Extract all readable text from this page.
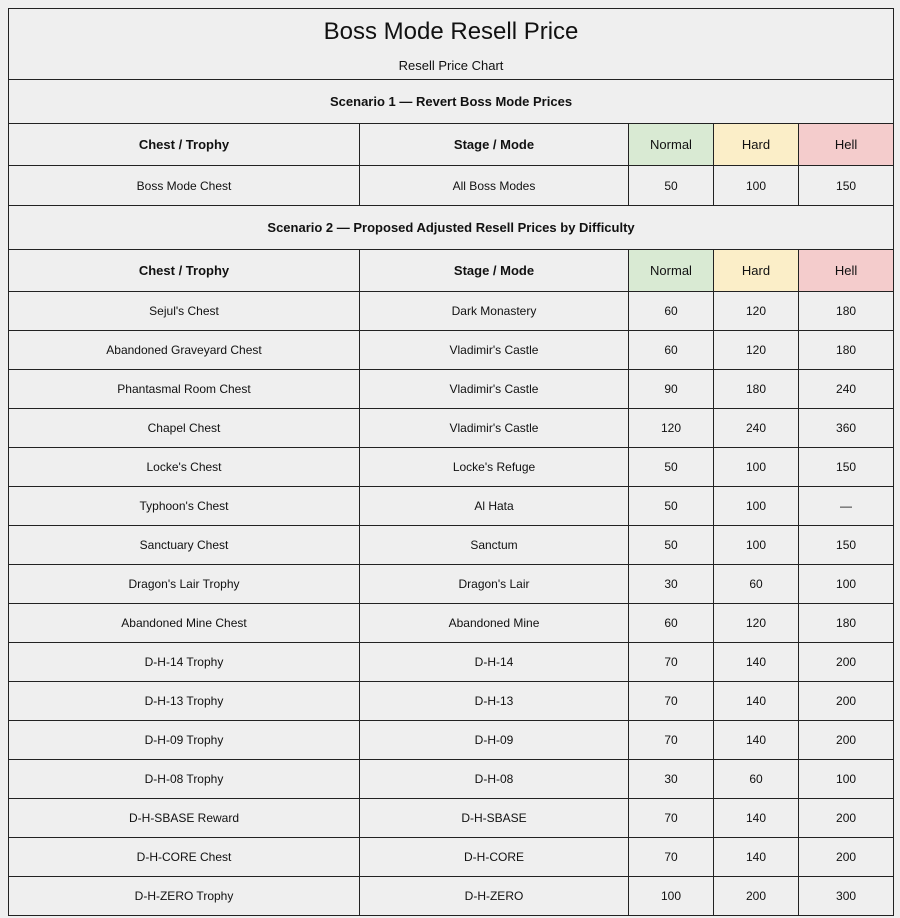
Boss Mode Resell Price
Resell Price Chart				

Scenario 1 — Revert Boss Mode Prices				
Chest / Trophy	Stage / Mode	Normal	Hard	Hell
Boss Mode Chest	All Boss Modes	50	100	150
Scenario 2 — Proposed Adjusted Resell Prices by Difficulty				
Chest / Trophy	Stage / Mode	Normal	Hard	Hell
Sejul's Chest	Dark Monastery	60	120	180
Abandoned Graveyard Chest	Vladimir's Castle	60	120	180
Phantasmal Room Chest	Vladimir's Castle	90	180	240
Chapel Chest	Vladimir's Castle	120	240	360
Locke's Chest	Locke's Refuge	50	100	150
Typhoon's Chest	Al Hata	50	100	—
Sanctuary Chest	Sanctum	50	100	150
Dragon's Lair Trophy	Dragon's Lair	30	60	100
Abandoned Mine Chest	Abandoned Mine	60	120	180
D-H-14 Trophy	D-H-14	70	140	200
D-H-13 Trophy	D-H-13	70	140	200
D-H-09 Trophy	D-H-09	70	140	200
D-H-08 Trophy	D-H-08	30	60	100
D-H-SBASE Reward	D-H-SBASE	70	140	200
D-H-CORE Chest	D-H-CORE	70	140	200
D-H-ZERO Trophy	D-H-ZERO	100	200	300
